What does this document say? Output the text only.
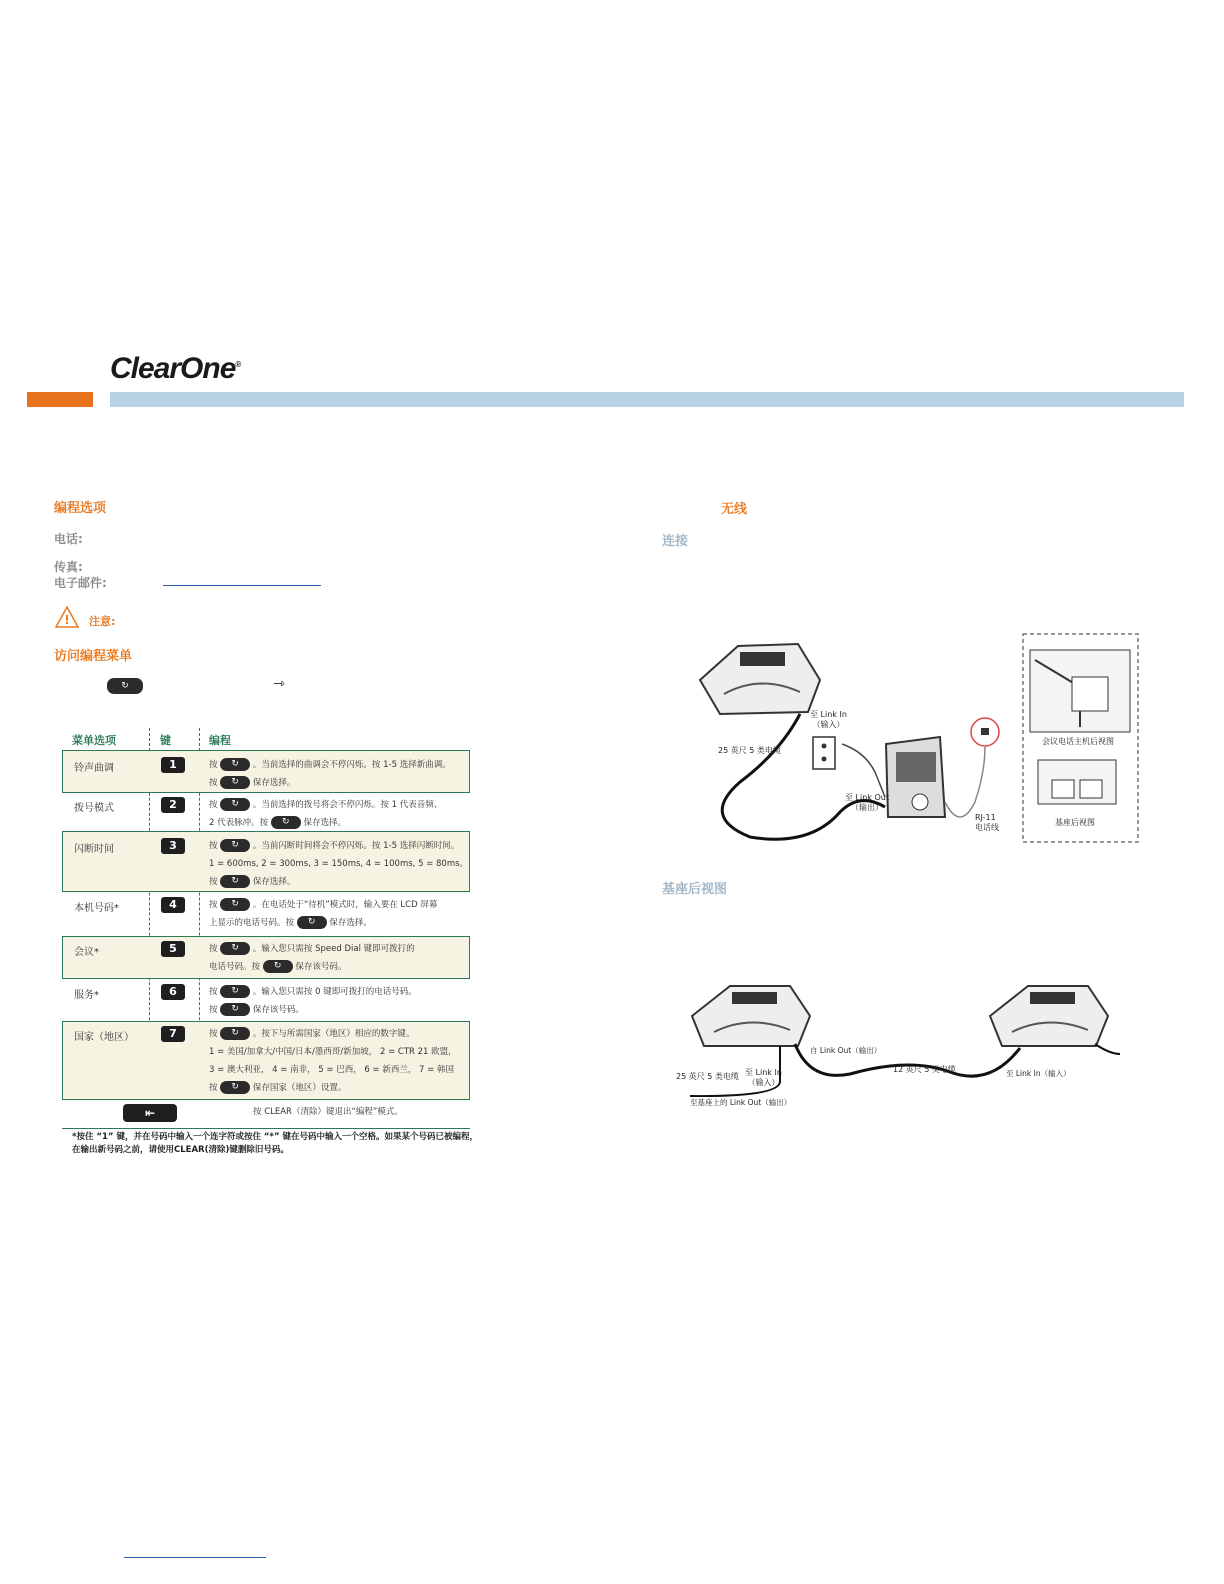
ClearOne®
编程选项
电话:
传真:
电子邮件:
! 注意:
访问编程菜单
↻	⇾
菜单选项	键	编程
铃声曲调	1	按 ↻ 。当前选择的曲调会不停闪烁。按 1-5 选择新曲调。
按 ↻ 保存选择。
拨号模式	2	按 ↻ 。当前选择的拨号将会不停闪烁。按 1 代表音频、
2 代表脉冲。按 ↻ 保存选择。
闪断时间	3	按 ↻ 。当前闪断时间将会不停闪烁。按 1-5 选择闪断时间。
1 = 600ms, 2 = 300ms, 3 = 150ms, 4 = 100ms, 5 = 80ms。
按 ↻ 保存选择。
本机号码*	4	按 ↻ 。在电话处于“待机”模式时，输入要在 LCD 屏幕
上显示的电话号码。按 ↻ 保存选择。
会议*	5	按 ↻ 。输入您只需按 Speed Dial 键即可拨打的
电话号码。按 ↻ 保存该号码。
服务*	6	按 ↻ 。输入您只需按 0 键即可拨打的电话号码。
按 ↻ 保存该号码。
国家（地区）	7	按 ↻ 。按下与所需国家（地区）相应的数字键。
1 = 美国/加拿大/中国/日本/墨西哥/新加坡， 2 = CTR 21 欧盟，
3 = 澳大利亚， 4 = 南非， 5 = 巴西， 6 = 新西兰， 7 = 韩国
按 ↻ 保存国家（地区）设置。
⇤	按 CLEAR（清除）键退出“编程”模式。
*按住 “1” 键，并在号码中输入一个连字符或按住 “*” 键在号码中输入一个空格。如果某个号码已被编程，
在输出新号码之前，请使用CLEAR(清除)键删除旧号码。
无线
连接
至 Link In
（输入）
25 英尺 5 类电缆
至 Link Out
（输出）
RJ-11
电话线
会议电话主机后视图
基座后视图
基座后视图
自 Link Out（输出）
12 英尺 5 类电缆
25 英尺 5 类电缆 至 Link In
（输入）
至 Link In（输入）
至基座上的 Link Out（输出）
